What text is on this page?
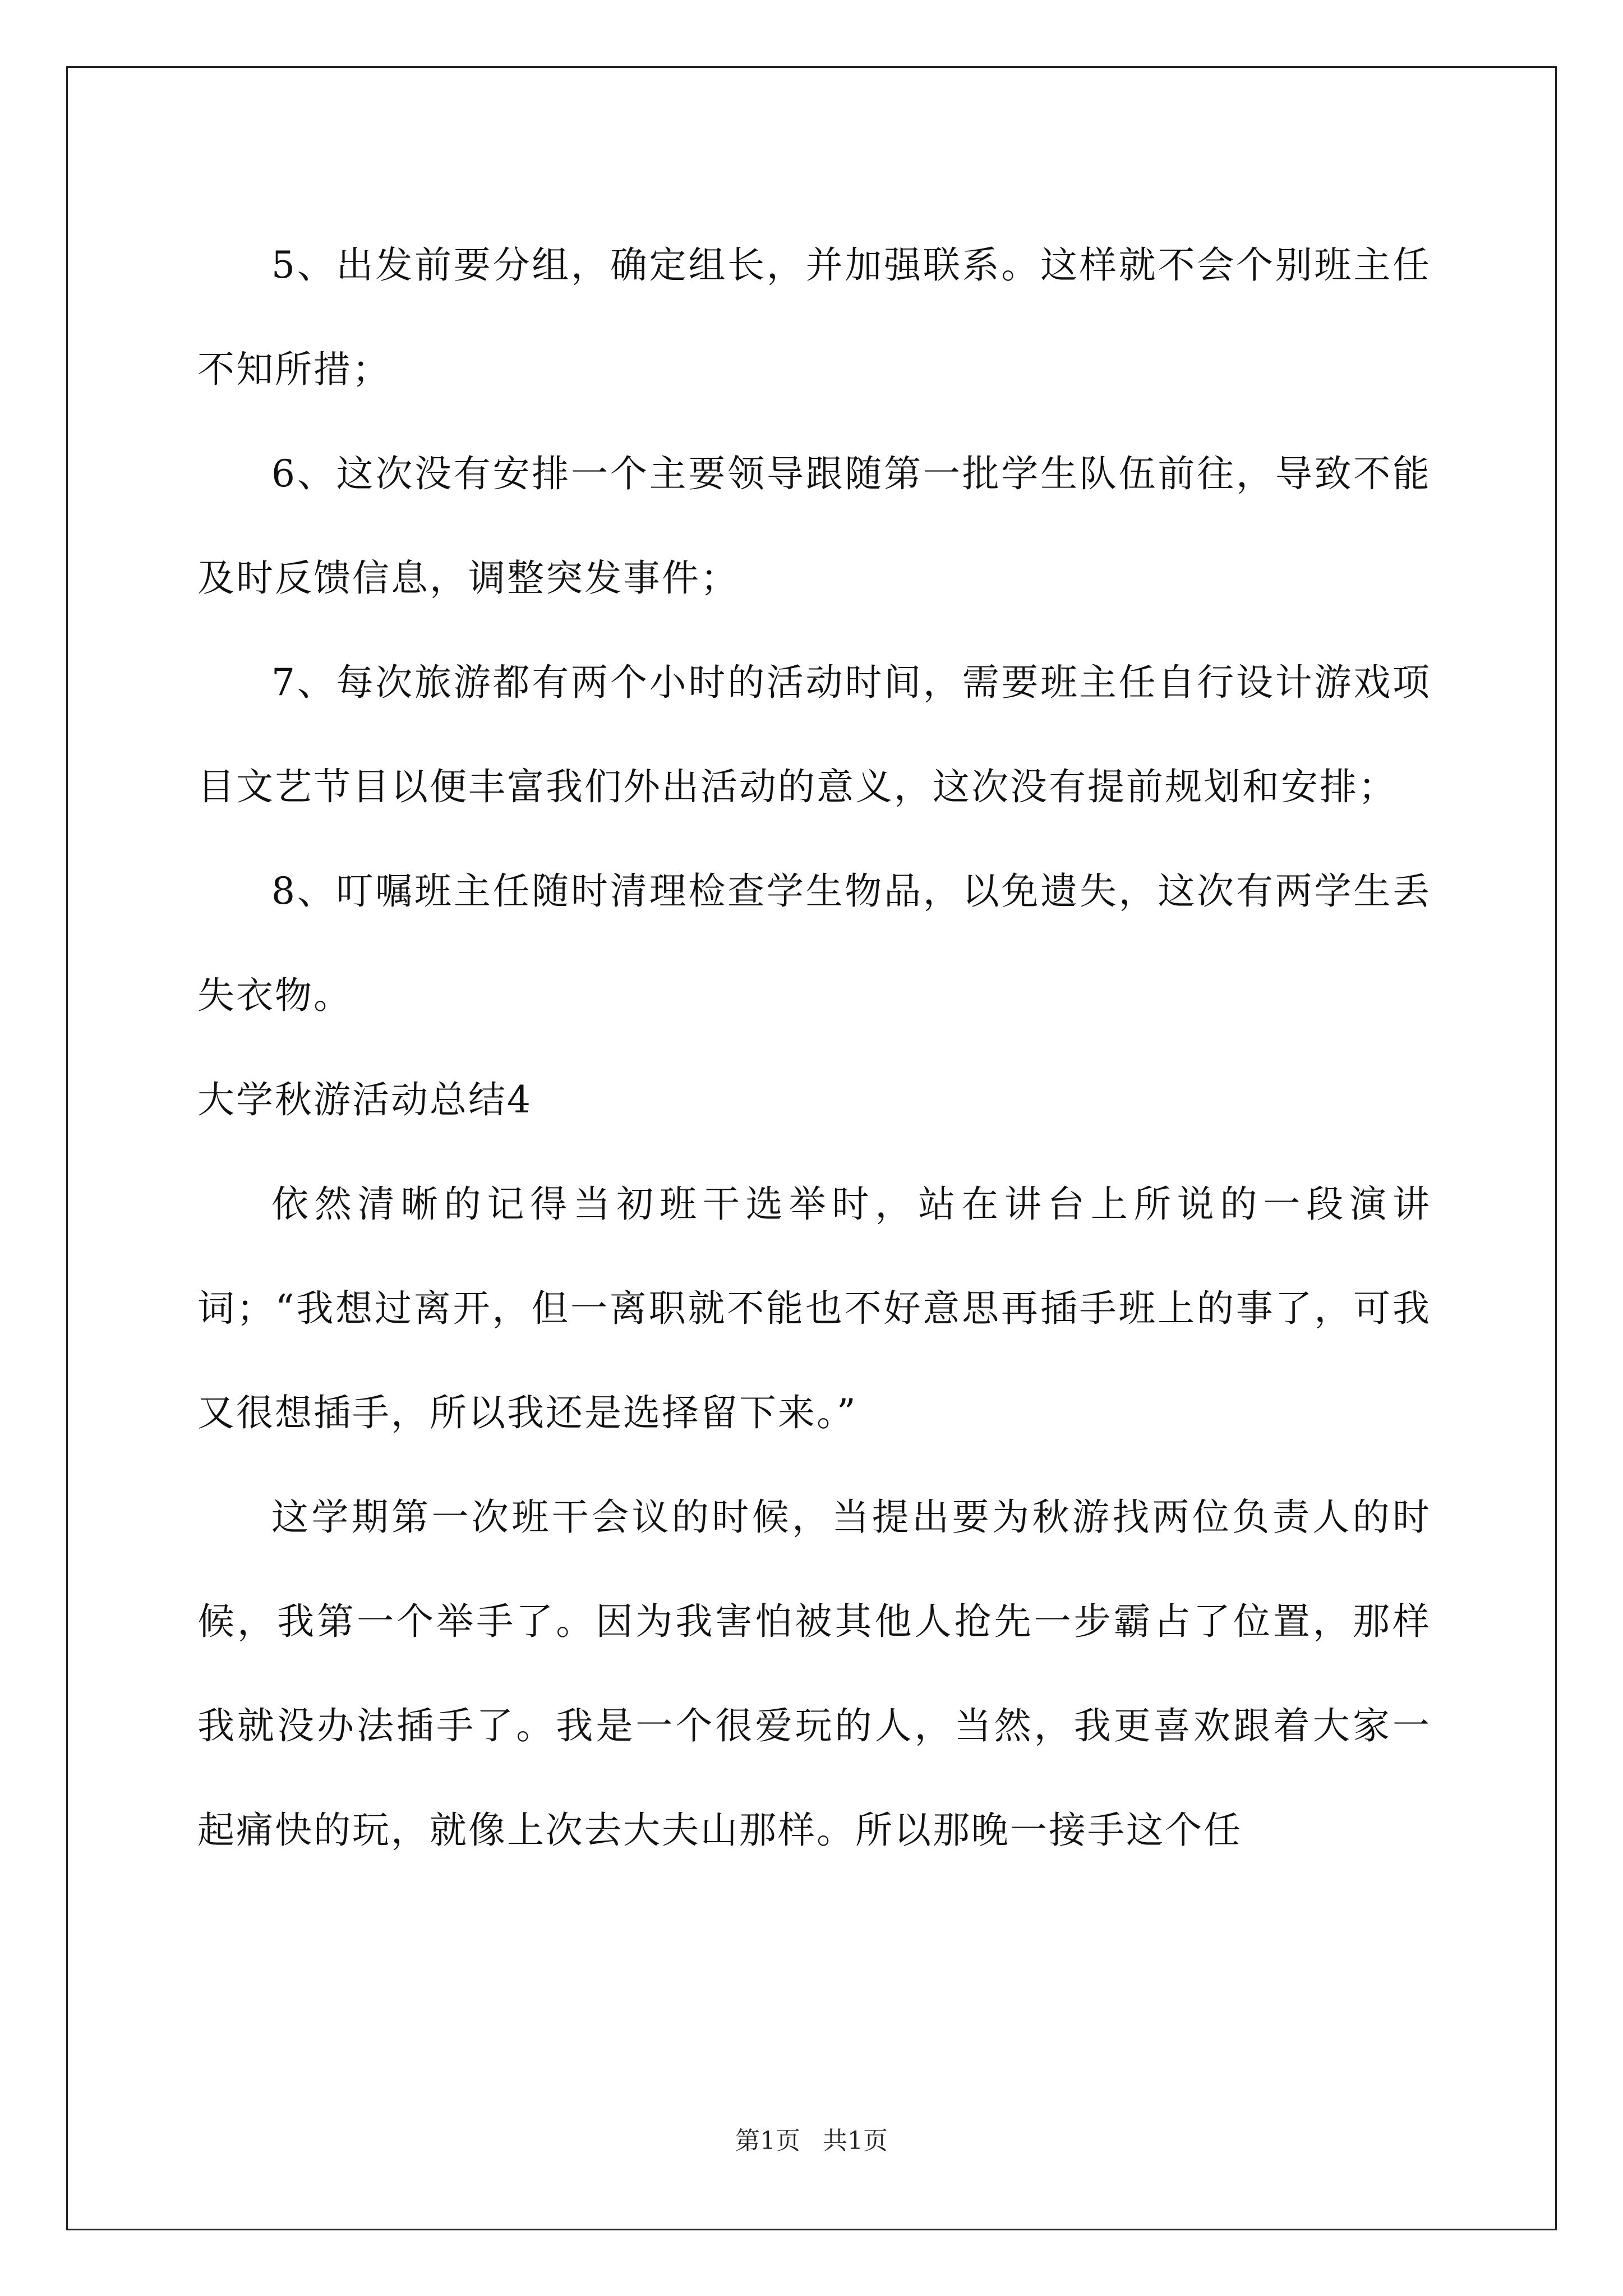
5、出发前要分组，确定组长，并加强联系。这样就不会个别班主任不知所措；

6、这次没有安排一个主要领导跟随第一批学生队伍前往，导致不能及时反馈信息，调整突发事件；

7、每次旅游都有两个小时的活动时间，需要班主任自行设计游戏项目文艺节目以便丰富我们外出活动的意义，这次没有提前规划和安排；

8、叮嘱班主任随时清理检查学生物品，以免遗失，这次有两学生丢失衣物。

大学秋游活动总结4

依然清晰的记得当初班干选举时，站在讲台上所说的一段演讲词；“我想过离开，但一离职就不能也不好意思再插手班上的事了，可我又很想插手，所以我还是选择留下来。”

这学期第一次班干会议的时候，当提出要为秋游找两位负责人的时候，我第一个举手了。因为我害怕被其他人抢先一步霸占了位置，那样我就没办法插手了。我是一个很爱玩的人，当然，我更喜欢跟着大家一起痛快的玩，就像上次去大夫山那样。所以那晚一接手这个任

第1页 共1页
